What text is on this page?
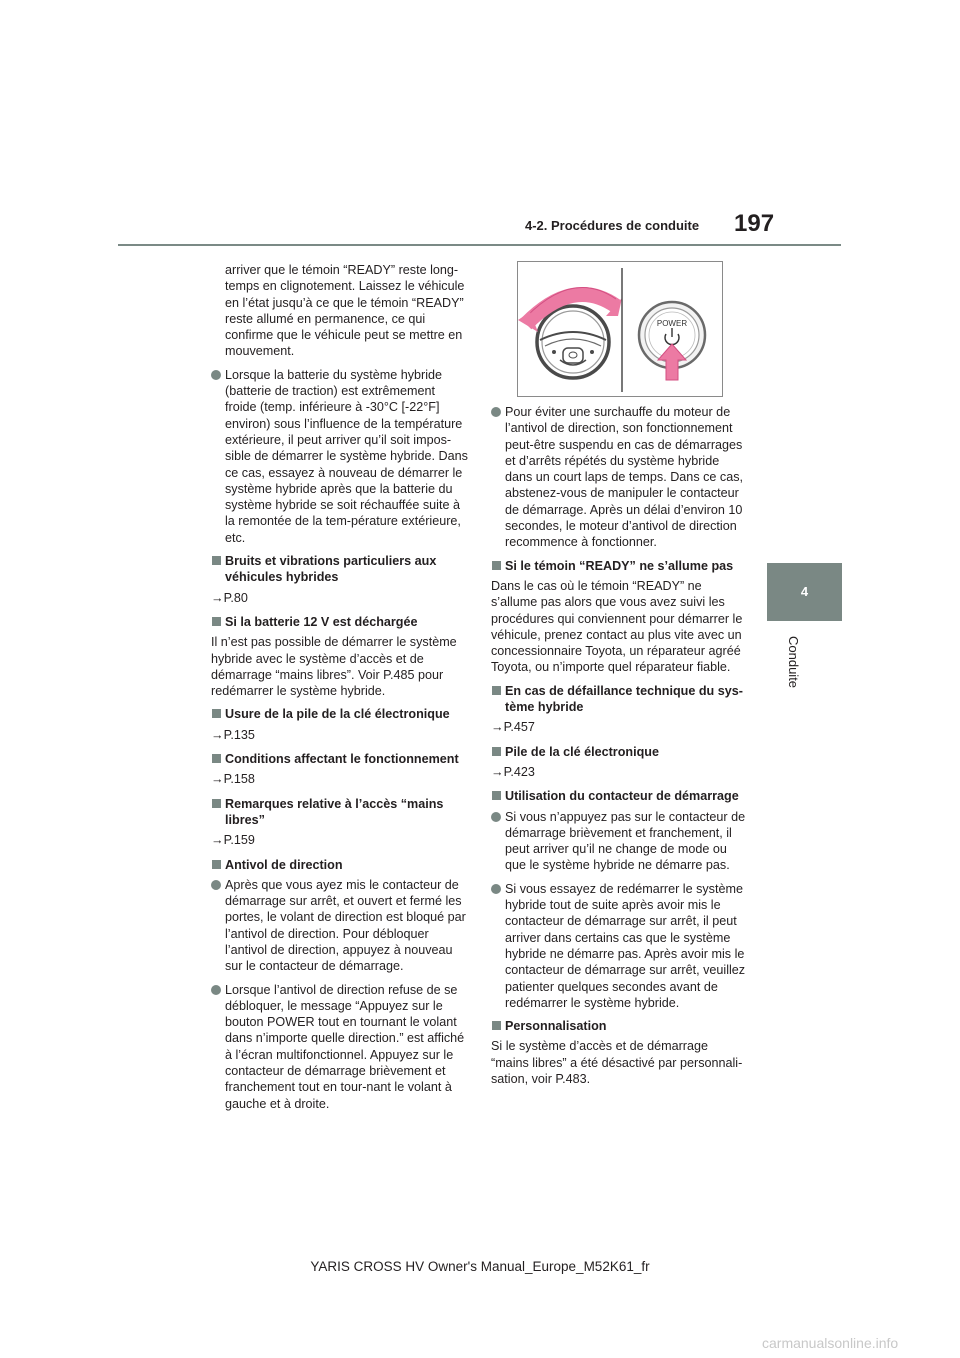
4-2. Procédures de conduite 197
4
Conduite

arriver que le témoin “READY” reste long-temps en clignotement. Laissez le véhicule en l’état jusqu’à ce que le témoin “READY” reste allumé en permanence, ce qui confirme que le véhicule peut se mettre en mouvement.

Lorsque la batterie du système hybride (batterie de traction) est extrêmement froide (temp. inférieure à -30°C [-22°F] environ) sous l’influence de la température extérieure, il peut arriver qu’il soit impos-sible de démarrer le système hybride. Dans ce cas, essayez à nouveau de démarrer le système hybride après que la batterie du système hybride se soit réchauffée suite à la remontée de la tem-pérature extérieure, etc.
Bruits et vibrations particuliers aux véhicules hybrides
→P.80
Si la batterie 12 V est déchargée

Il n’est pas possible de démarrer le système hybride avec le système d’accès et de démarrage “mains libres”. Voir P.485 pour redémarrer le système hybride.

Usure de la pile de la clé électronique
→P.135
Conditions affectant le fonctionnement
→P.158
Remarques relative à l’accès “mains libres”
→P.159
Antivol de direction
Après que vous ayez mis le contacteur de démarrage sur arrêt, et ouvert et fermé les portes, le volant de direction est bloqué par l’antivol de direction. Pour débloquer l’antivol de direction, appuyez à nouveau sur le contacteur de démarrage.
Lorsque l’antivol de direction refuse de se débloquer, le message “Appuyez sur le bouton POWER tout en tournant le volant dans n’importe quelle direction.” est affiché à l’écran multifonctionnel. Appuyez sur le contacteur de démarrage brièvement et franchement tout en tour-nant le volant à gauche et à droite.
POWER
Pour éviter une surchauffe du moteur de l’antivol de direction, son fonctionnement peut-être suspendu en cas de démarrages et d’arrêts répétés du système hybride dans un court laps de temps. Dans ce cas, abstenez-vous de manipuler le contacteur de démarrage. Après un délai d’environ 10 secondes, le moteur d’antivol de direction recommence à fonctionner.
Si le témoin “READY” ne s’allume pas

Dans le cas où le témoin “READY” ne s’allume pas alors que vous avez suivi les procédures qui conviennent pour démarrer le véhicule, prenez contact au plus vite avec un concessionnaire Toyota, un réparateur agréé Toyota, ou n’importe quel réparateur fiable.

En cas de défaillance technique du sys-tème hybride
→P.457
Pile de la clé électronique
→P.423
Utilisation du contacteur de démarrage
Si vous n’appuyez pas sur le contacteur de démarrage brièvement et franchement, il peut arriver qu’il ne change de mode ou que le système hybride ne démarre pas.
Si vous essayez de redémarrer le système hybride tout de suite après avoir mis le contacteur de démarrage sur arrêt, il peut arriver dans certains cas que le système hybride ne démarre pas. Après avoir mis le contacteur de démarrage sur arrêt, veuillez patienter quelques secondes avant de redémarrer le système hybride.
Personnalisation

Si le système d’accès et de démarrage “mains libres” a été désactivé par personnali-sation, voir P.483.

YARIS CROSS HV Owner's Manual_Europe_M52K61_fr
carmanualsonline.info
